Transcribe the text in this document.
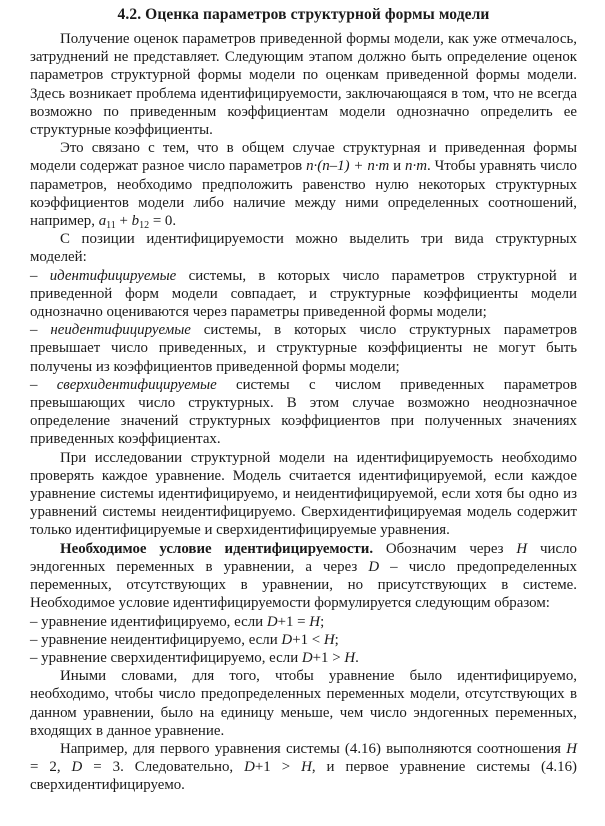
4.2. Оценка параметров структурной формы модели

Получение оценок параметров приведенной формы модели, как уже отмечалось, затруднений не представляет. Следующим этапом должно быть определение оценок параметров структурной формы модели по оценкам приведенной формы модели. Здесь возникает проблема идентифицируемости, заключающаяся в том, что не всегда возможно по приведенным коэффициентам модели однозначно определить ее структурные коэффициенты.

Это связано с тем, что в общем случае структурная и приведенная формы модели содержат разное число параметров n·(n–1) + n·m и n·m. Чтобы уравнять число параметров, необходимо предположить равенство нулю некоторых структурных коэффициентов модели либо наличие между ними определенных соотношений, например, $a_{11} + b_{12} = 0$.

С позиции идентифицируемости можно выделить три вида структурных моделей:

– идентифицируемые системы, в которых число параметров структурной и приведенной форм модели совпадает, и структурные коэффициенты модели однозначно оцениваются через параметры приведенной формы модели;

– неидентифицируемые системы, в которых число структурных параметров превышает число приведенных, и структурные коэффициенты не могут быть получены из коэффициентов приведенной формы модели;

– сверхидентифицируемые системы с числом приведенных параметров превышающих число структурных. В этом случае возможно неоднозначное определение значений структурных коэффициентов при полученных значениях приведенных коэффициентах.

При исследовании структурной модели на идентифицируемость необходимо проверять каждое уравнение. Модель считается идентифицируемой, если каждое уравнение системы идентифицируемо, и неидентифицируемой, если хотя бы одно из уравнений системы неидентифицируемо. Сверхидентифицируемая модель содержит только идентифицируемые и сверхидентифицируемые уравнения.

Необходимое условие идентифицируемости. Обозначим через H число эндогенных переменных в уравнении, а через D – число предопределенных переменных, отсутствующих в уравнении, но присутствующих в системе. Необходимое условие идентифицируемости формулируется следующим образом:

– уравнение идентифицируемо, если D+1 = H;

– уравнение неидентифицируемо, если D+1 < H;

– уравнение сверхидентифицируемо, если D+1 > H.

Иными словами, для того, чтобы уравнение было идентифицируемо, необходимо, чтобы число предопределенных переменных модели, отсутствующих в данном уравнении, было на единицу меньше, чем число эндогенных переменных, входящих в данное уравнение.

Например, для первого уравнения системы (4.16) выполняются соотношения H = 2, D = 3. Следовательно, D+1 > H, и первое уравнение системы (4.16) сверхидентифицируемо.
